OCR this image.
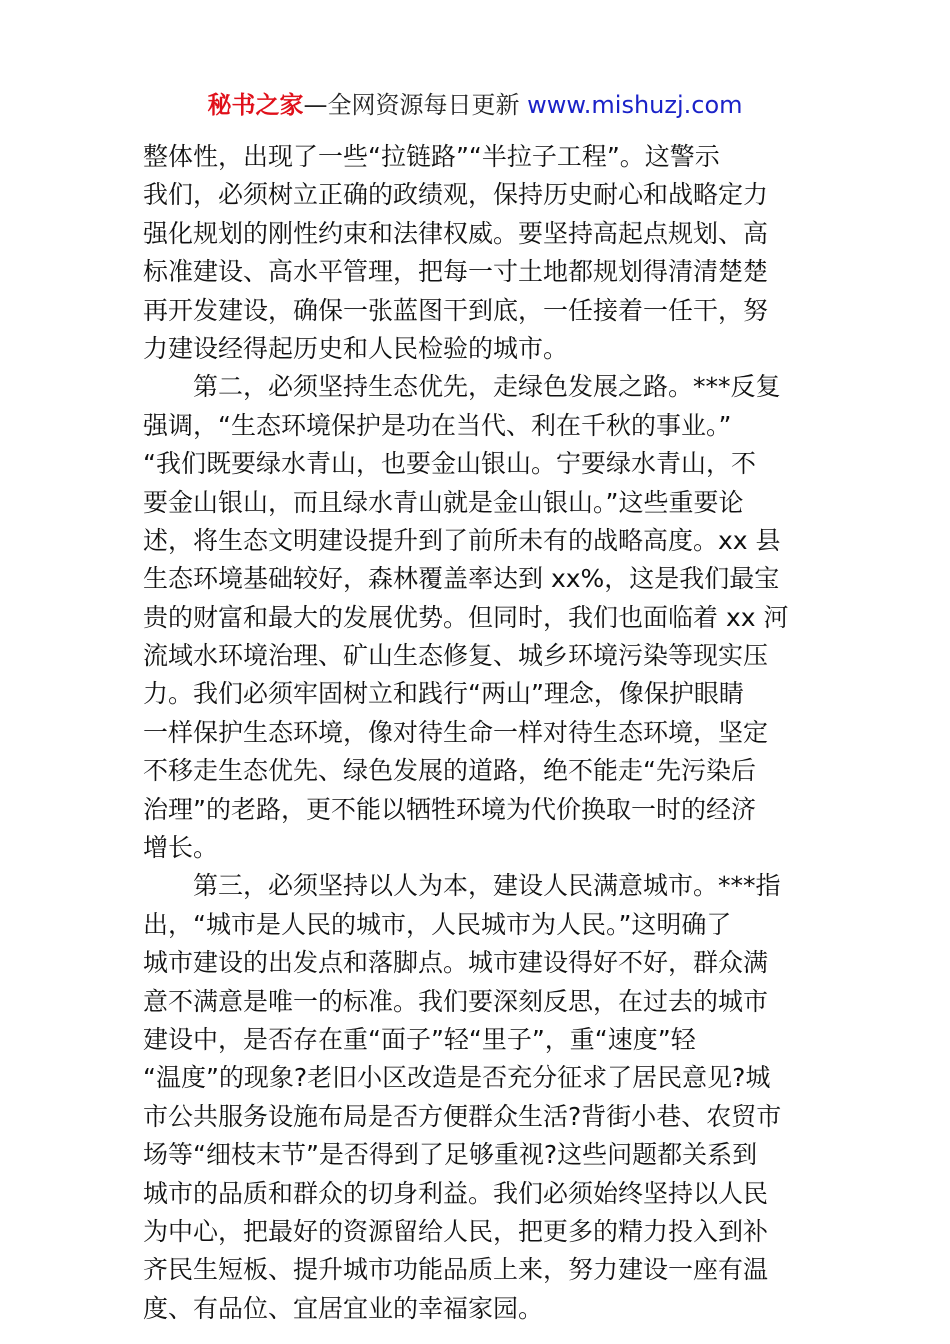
秘书之家—全网资源每日更新 www.mishuzj.com
整体性，出现了一些“拉链路”“半拉子工程”。这警示
我们，必须树立正确的政绩观，保持历史耐心和战略定力
强化规划的刚性约束和法律权威。要坚持高起点规划、高
标准建设、高水平管理，把每一寸土地都规划得清清楚楚
再开发建设，确保一张蓝图干到底，一任接着一任干，努
力建设经得起历史和人民检验的城市。
　　第二，必须坚持生态优先，走绿色发展之路。***反复
强调，“生态环境保护是功在当代、利在千秋的事业。”
“我们既要绿水青山，也要金山银山。宁要绿水青山，不
要金山银山，而且绿水青山就是金山银山。”这些重要论
述，将生态文明建设提升到了前所未有的战略高度。xx 县
生态环境基础较好，森林覆盖率达到 xx%，这是我们最宝
贵的财富和最大的发展优势。但同时，我们也面临着 xx 河
流域水环境治理、矿山生态修复、城乡环境污染等现实压
力。我们必须牢固树立和践行“两山”理念，像保护眼睛
一样保护生态环境，像对待生命一样对待生态环境，坚定
不移走生态优先、绿色发展的道路，绝不能走“先污染后
治理”的老路，更不能以牺牲环境为代价换取一时的经济
增长。
　　第三，必须坚持以人为本，建设人民满意城市。***指
出，“城市是人民的城市，人民城市为人民。”这明确了
城市建设的出发点和落脚点。城市建设得好不好，群众满
意不满意是唯一的标准。我们要深刻反思，在过去的城市
建设中，是否存在重“面子”轻“里子”，重“速度”轻
“温度”的现象?老旧小区改造是否充分征求了居民意见?城
市公共服务设施布局是否方便群众生活?背街小巷、农贸市
场等“细枝末节”是否得到了足够重视?这些问题都关系到
城市的品质和群众的切身利益。我们必须始终坚持以人民
为中心，把最好的资源留给人民，把更多的精力投入到补
齐民生短板、提升城市功能品质上来，努力建设一座有温
度、有品位、宜居宜业的幸福家园。
